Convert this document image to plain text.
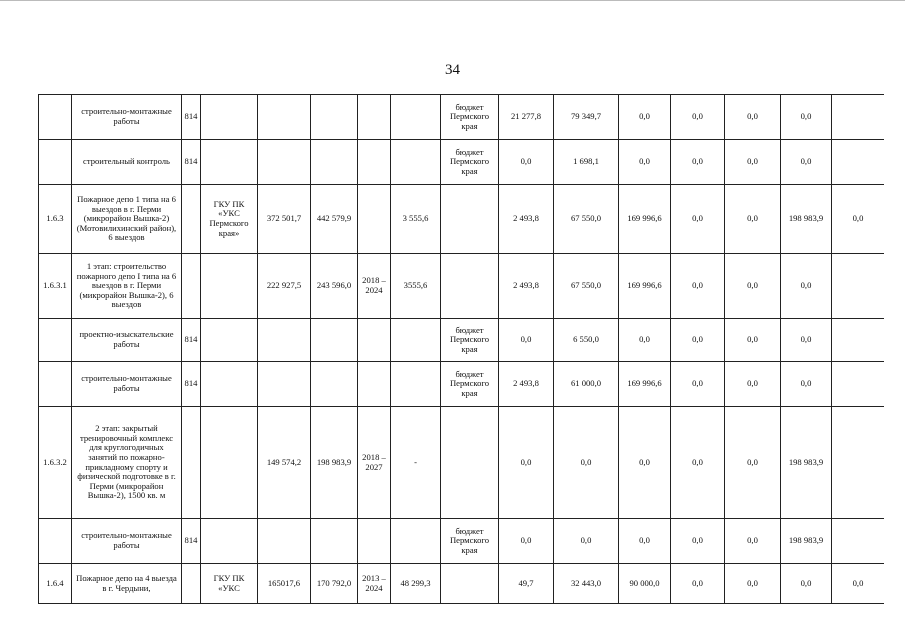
34
	строительно-монтажные работы	814						бюджет Пермского края	21 277,8	79 349,7	0,0	0,0	0,0	0,0	
	строительный контроль	814						бюджет Пермского края	0,0	1 698,1	0,0	0,0	0,0	0,0	
1.6.3	Пожарное депо 1 типа на 6 выездов в г. Перми (микрорайон Вышка-2) (Мотовилихинский район), 6 выездов		ГКУ ПК «УКС Пермского края»	372 501,7	442 579,9		3 555,6		2 493,8	67 550,0	169 996,6	0,0	0,0	198 983,9	0,0
1.6.3.1	1 этап: строительство пожарного депо I типа на 6 выездов в г. Перми (микрорайон Вышка-2), 6 выездов			222 927,5	243 596,0	2018 – 2024	3555,6		2 493,8	67 550,0	169 996,6	0,0	0,0	0,0	
	проектно-изыскательские работы	814						бюджет Пермского края	0,0	6 550,0	0,0	0,0	0,0	0,0	
	строительно-монтажные работы	814						бюджет Пермского края	2 493,8	61 000,0	169 996,6	0,0	0,0	0,0	
1.6.3.2	2 этап: закрытый тренировочный комплекс для круглогодичных занятий по пожарно-прикладному спорту и физической подготовке в г. Перми (микрорайон Вышка-2), 1500 кв. м			149 574,2	198 983,9	2018 – 2027	-		0,0	0,0	0,0	0,0	0,0	198 983,9	
	строительно-монтажные работы	814						бюджет Пермского края	0,0	0,0	0,0	0,0	0,0	198 983,9	
1.6.4	Пожарное депо на 4 выезда в г. Чердыни,		ГКУ ПК «УКС	165017,6	170 792,0	2013 – 2024	48 299,3		49,7	32 443,0	90 000,0	0,0	0,0	0,0	0,0
